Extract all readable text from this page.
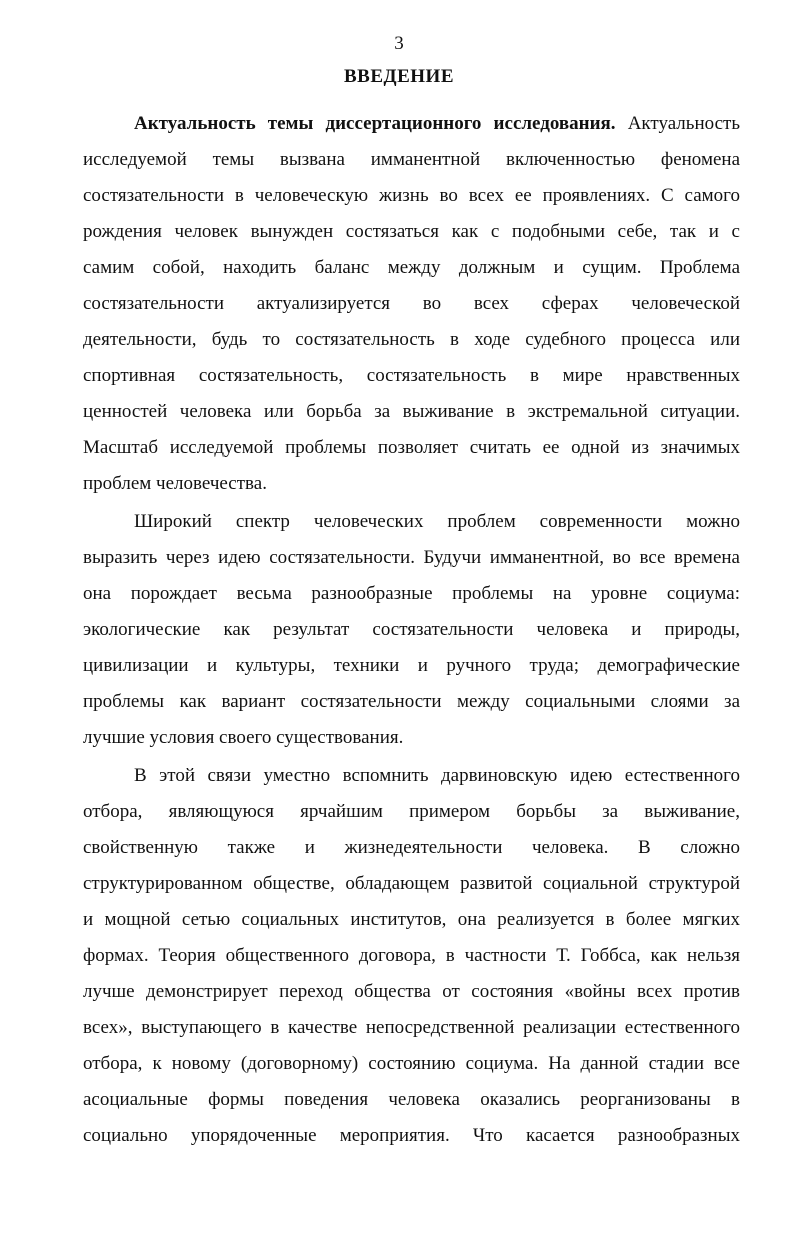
3
ВВЕДЕНИЕ
Актуальность темы диссертационного исследования. Актуальность
исследуемой темы вызвана имманентной включенностью феномена
состязательности в человеческую жизнь во всех ее проявлениях. С самого
рождения человек вынужден состязаться как с подобными себе, так и с
самим собой, находить баланс между должным и сущим. Проблема
состязательности актуализируется во всех сферах человеческой
деятельности, будь то состязательность в ходе судебного процесса или
спортивная состязательность, состязательность в мире нравственных
ценностей человека или борьба за выживание в экстремальной ситуации.
Масштаб исследуемой проблемы позволяет считать ее одной из значимых
проблем человечества.
Широкий спектр человеческих проблем современности можно
выразить через идею состязательности. Будучи имманентной, во все времена
она порождает весьма разнообразные проблемы на уровне социума:
экологические как результат состязательности человека и природы,
цивилизации и культуры, техники и ручного труда; демографические
проблемы как вариант состязательности между социальными слоями за
лучшие условия своего существования.
В этой связи уместно вспомнить дарвиновскую идею естественного
отбора, являющуюся ярчайшим примером борьбы за выживание,
свойственную также и жизнедеятельности человека. В сложно
структурированном обществе, обладающем развитой социальной структурой
и мощной сетью социальных институтов, она реализуется в более мягких
формах. Теория общественного договора, в частности Т. Гоббса, как нельзя
лучше демонстрирует переход общества от состояния «войны всех против
всех», выступающего в качестве непосредственной реализации естественного
отбора, к новому (договорному) состоянию социума. На данной стадии все
асоциальные формы поведения человека оказались реорганизованы в
социально упорядоченные мероприятия. Что касается разнообразных
